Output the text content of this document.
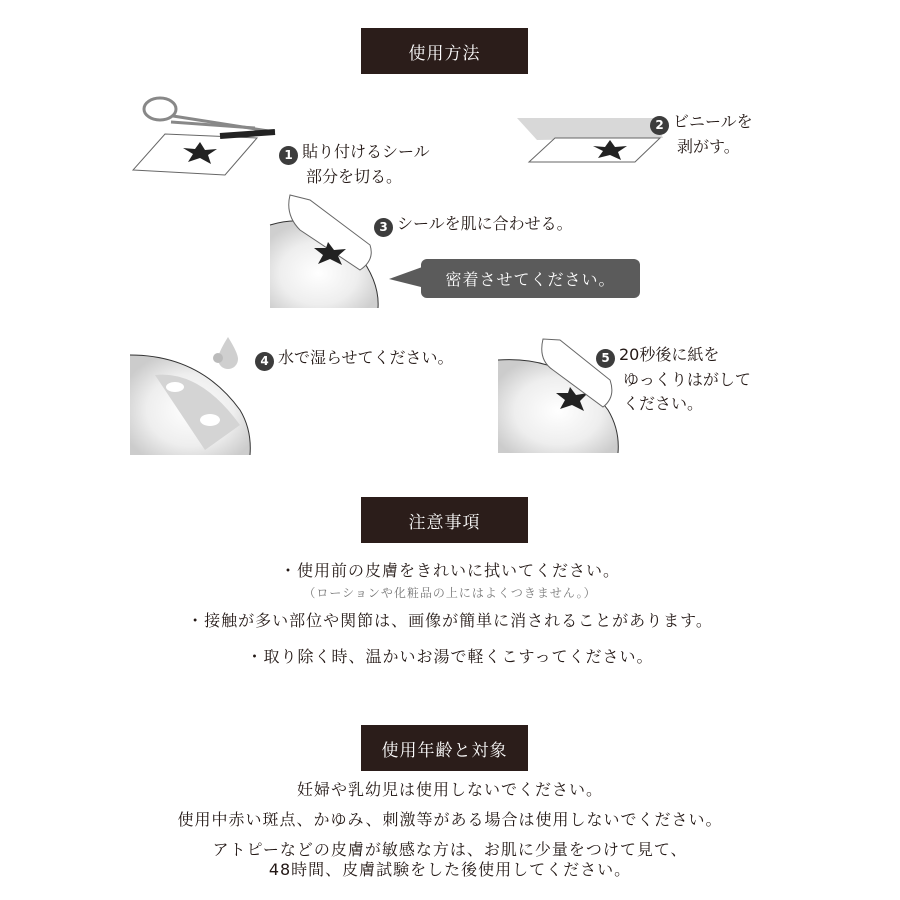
使用方法
1 貼り付けるシール
部分を切る。
2 ビニールを
剥がす。
3 シールを肌に合わせる。
密着させてください。
4 水で湿らせてください。	5 20秒後に紙を
ゆっくりはがして
ください。
注意事項
・使用前の皮膚をきれいに拭いてください。
（ローションや化粧品の上にはよくつきません。）
・接触が多い部位や関節は、画像が簡単に消されることがあります。
・取り除く時、温かいお湯で軽くこすってください。
使用年齢と対象
妊婦や乳幼児は使用しないでください。
使用中赤い斑点、かゆみ、刺激等がある場合は使用しないでください。
アトピーなどの皮膚が敏感な方は、お肌に少量をつけて見て、
48時間、皮膚試験をした後使用してください。
